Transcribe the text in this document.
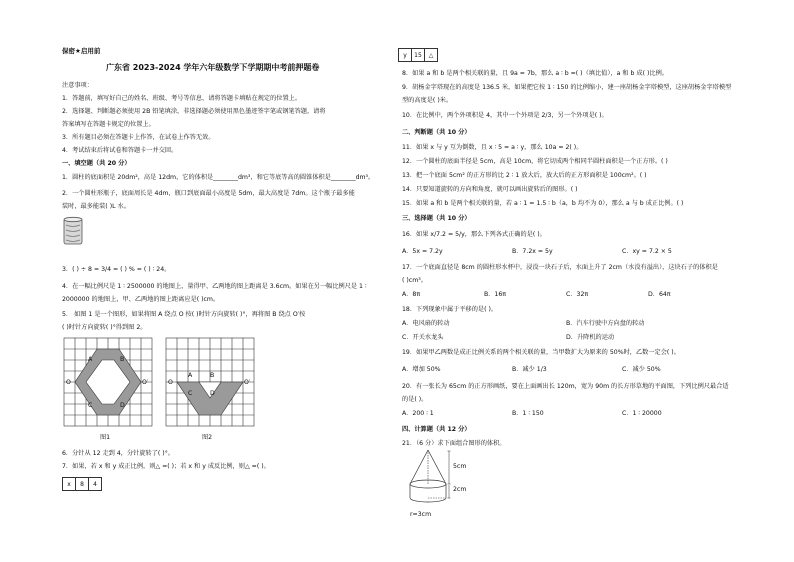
保密★启用前
广东省 2023-2024 学年六年级数学下学期期中考前押题卷
注意事项：
1．答题前，填写好自己的姓名、班级、考号等信息，请将答题卡填贴在规定的位置上。
2．选择题、判断题必须使用 2B 铅笔填涂，非选择题必须使用黑色墨迹签字笔或钢笔答题，请将
答案填写在答题卡规定的位置上。
3．所有题目必须在答题卡上作答，在试卷上作答无效。
4．考试结束后将试卷和答题卡一并交回。
一、填空题（共 20 分）
1．圆柱的底面积是 20dm²，高是 12dm，它的体积是________dm³，和它等底等高的圆锥体积是________dm³。
2．一个圆柱形瓶子，底面周长是 4dm，瓶口到底面最小高度是 5dm，最大高度是 7dm。这个瓶子最多能
装时，最多能装( )L 水。
3．( ) ÷ 8 = 3/4 = ( ) % = ( ) ∶ 24。
4．在一幅比例尺是 1 ∶ 2500000 的地图上，量得甲、乙两地的图上距离是 3.6cm。如果在另一幅比例尺是 1 ∶
2000000 的地图上，甲、乙两地的图上距离应是( )cm。
5． 如图 1 是一个图形，如果将图 A 绕点 O 按( )时针方向旋转( )°，再将图 B 绕点 O′按
( )时针方向旋转( )°得到图 2。
A	B
C	D
O	O′
图1
A	B
C	D
O	O′
图2
6．分针从 12 走到 4，分针旋转了( )°。
7．如果，若 x 和 y 成正比例，则△ =( )；若 x 和 y 成反比例，则△ =( )。
x	8	4
y	15	△
8．如果 a 和 b 是两个相关联的量，且 9a = 7b，那么 a ∶ b =( )（填比值），a 和 b 成( )比例。
9．胡杨金字塔现在的高度是 136.5 米，如果把它按 1 ∶ 150 的比例缩小，建一座胡杨金字塔模型，这座胡杨金字塔模型
型的高度是( )米。
10．在比例中，两个外项积是 4，其中一个外项是 2/3，另一个外项是( )。
二、判断题（共 10 分）
11．如果 x 与 y 互为倒数，且 x ∶ 5 = a ∶ y，那么 10a = 2( )。
12．一个圆柱的底面半径是 5cm，高是 10cm，将它切成两个相同半圆柱面积是一个正方形。( )
13．把一个底面 5cm² 的正方形的比 2 ∶ 1 放大后，放大后的正方形面积是 100cm²。( )
14．只要知道旋转的方向和角度，就可以画出旋转后的图形。( )
15．如果 a 和 b 是两个相关联的量，若 a ∶ 1 = 1.5 ∶ b（a，b 均不为 0），那么 a 与 b 成正比例。( )
三、选择题（共 10 分）
16．如果 x/7.2 = 5/y，那么下列各式正确的是( )。
A．5x = 7.2y	B．7.2x = 5y	C．xy = 7.2 × 5
17．一个底面直径是 8cm 的圆柱形水杯中，浸没一块石子后，水面上升了 2cm（水没有溢出），这块石子的体积是
( )cm³。
A．8π	B．16π	C．32π	D．64π
18．下列现象中属于平移的是( )。
A．电风扇的转动	B．汽车行驶中方向盘的转动
C．开关水龙头	D．升降机的运动
19．如果甲乙两数是成正比例关系的两个相关联的量，当甲数扩大为原来的 50%时，乙数一定会( )。
A．增加 50%	B．减少 1/3	C．减少 50%
20．有一张长为 65cm 的正方形画纸，要在上面画出长 120m，宽为 90m 的长方形草地的平面图，下列比例尺最合适
的是( )。
A．200 ∶ 1	B．1 ∶ 150	C．1 ∶ 20000
四、计算题（共 12 分）
21．（6 分）求下面组合图形的体积。
5cm
2cm
r=3cm
